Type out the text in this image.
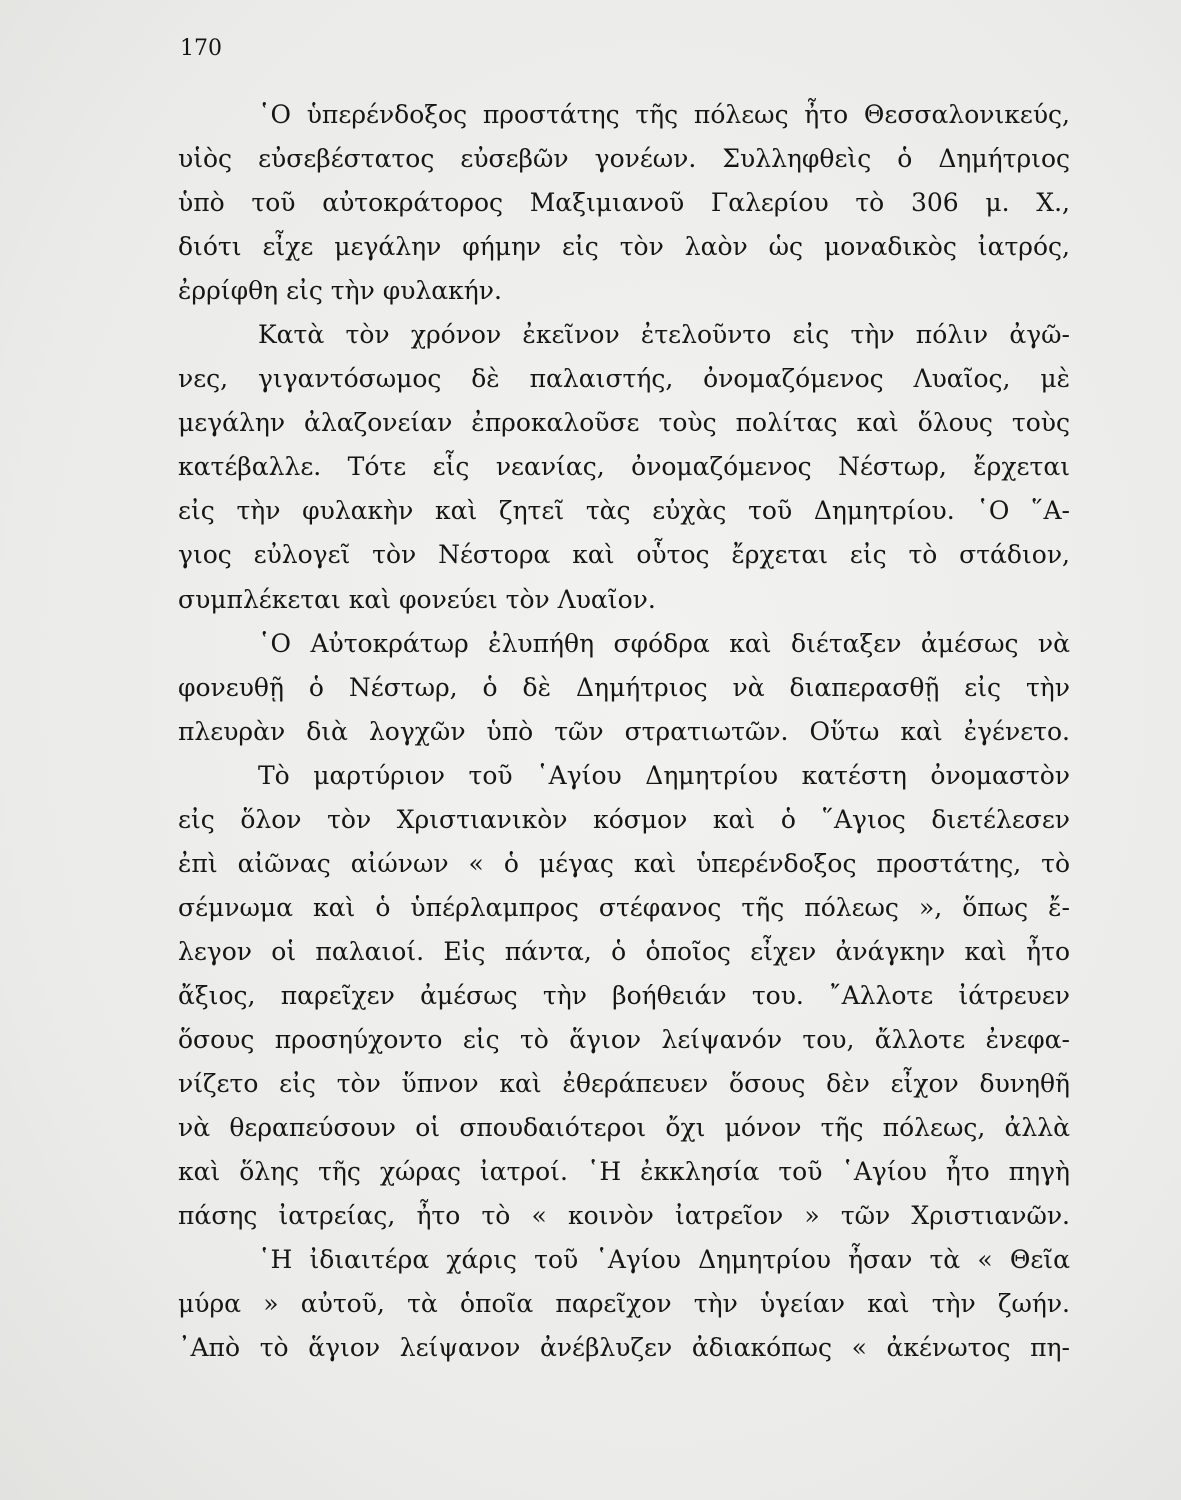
170
῾Ο ὑπερένδοξος προστάτης τῆς πόλεως ἦτο Θεσσαλονικεύς,
υἱὸς εὐσεβέστατος εὐσεβῶν γονέων. Συλληφθεὶς ὁ Δημήτριος
ὑπὸ τοῦ αὐτοκράτορος Μαξιμιανοῦ Γαλερίου τὸ 306 μ. Χ.,
διότι εἶχε μεγάλην φήμην εἰς τὸν λαὸν ὡς μοναδικὸς ἰατρός,
ἐρρίφθη εἰς τὴν φυλακήν.
Κατὰ τὸν χρόνον ἐκεῖνον ἐτελοῦντο εἰς τὴν πόλιν ἀγῶ-
νες, γιγαντόσωμος δὲ παλαιστής, ὀνομαζόμενος Λυαῖος, μὲ
μεγάλην ἀλαζονείαν ἐπροκαλοῦσε τοὺς πολίτας καὶ ὅλους τοὺς
κατέβαλλε. Τότε εἷς νεανίας, ὀνομαζόμενος Νέστωρ, ἔρχεται
εἰς τὴν φυλακὴν καὶ ζητεῖ τὰς εὐχὰς τοῦ Δημητρίου. ῾Ο ῞Α-
γιος εὐλογεῖ τὸν Νέστορα καὶ οὗτος ἔρχεται εἰς τὸ στάδιον,
συμπλέκεται καὶ φονεύει τὸν Λυαῖον.
῾Ο Αὐτοκράτωρ ἐλυπήθη σφόδρα καὶ διέταξεν ἀμέσως νὰ
φονευθῇ ὁ Νέστωρ, ὁ δὲ Δημήτριος νὰ διαπερασθῇ εἰς τὴν
πλευρὰν διὰ λογχῶν ὑπὸ τῶν στρατιωτῶν. Οὕτω καὶ ἐγένετο.
Τὸ μαρτύριον τοῦ ῾Αγίου Δημητρίου κατέστη ὀνομαστὸν
εἰς ὅλον τὸν Χριστιανικὸν κόσμον καὶ ὁ ῞Αγιος διετέλεσεν
ἐπὶ αἰῶνας αἰώνων « ὁ μέγας καὶ ὑπερένδοξος προστάτης, τὸ
σέμνωμα καὶ ὁ ὑπέρλαμπρος στέφανος τῆς πόλεως », ὅπως ἔ-
λεγον οἱ παλαιοί. Εἰς πάντα, ὁ ὁποῖος εἶχεν ἀνάγκην καὶ ἦτο
ἄξιος, παρεῖχεν ἀμέσως τὴν βοήθειάν του. ῎Αλλοτε ἰάτρευεν
ὅσους προσηύχοντο εἰς τὸ ἅγιον λείψανόν του, ἄλλοτε ἐνεφα-
νίζετο εἰς τὸν ὕπνον καὶ ἐθεράπευεν ὅσους δὲν εἶχον δυνηθῆ
νὰ θεραπεύσουν οἱ σπουδαιότεροι ὄχι μόνον τῆς πόλεως, ἀλλὰ
καὶ ὅλης τῆς χώρας ἰατροί. ῾Η ἐκκλησία τοῦ ῾Αγίου ἦτο πηγὴ
πάσης ἰατρείας, ἦτο τὸ « κοινὸν ἰατρεῖον » τῶν Χριστιανῶν.
῾Η ἰδιαιτέρα χάρις τοῦ ῾Αγίου Δημητρίου ἦσαν τὰ « Θεῖα
μύρα » αὐτοῦ, τὰ ὁποῖα παρεῖχον τὴν ὑγείαν καὶ τὴν ζωήν.
᾿Απὸ τὸ ἅγιον λείψανον ἀνέβλυζεν ἀδιακόπως « ἀκένωτος πη-
